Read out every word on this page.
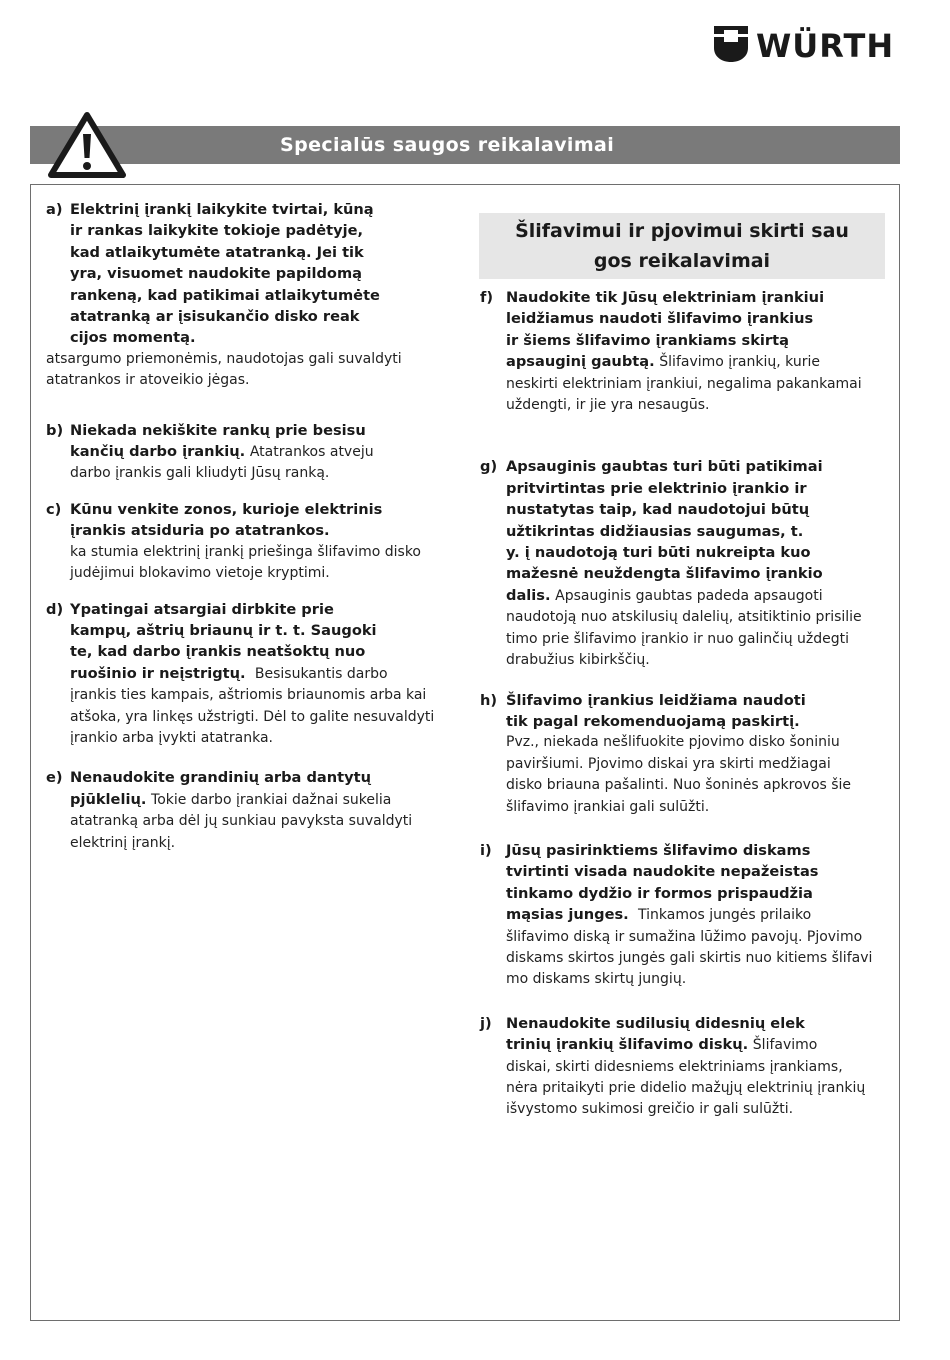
WÜRTH
Specialūs saugos reikalavimai
a) Elektrinį įrankį laikykite tvirtai, kūną
ir rankas laikykite tokioje padėtyje,
kad atlaikytumėte atatranką. Jei tik
yra, visuomet naudokite papildomą
rankeną, kad patikimai atlaikytumėte
atatranką ar įsisukančio disko reak
cijos momentą.
atsargumo priemonėmis, naudotojas gali suvaldyti
atatrankos ir atoveikio jėgas.
b) Niekada nekiškite rankų prie besisu
kančių darbo įrankių. Atatrankos atveju
darbo įrankis gali kliudyti Jūsų ranką.
c) Kūnu venkite zonos, kurioje elektrinis
įrankis atsiduria po atatrankos.
ka stumia elektrinį įrankį priešinga šlifavimo disko
judėjimui blokavimo vietoje kryptimi.
d) Ypatingai atsargiai dirbkite prie
kampų, aštrių briaunų ir t. t. Saugoki
te, kad darbo įrankis neatšoktų nuo
ruošinio ir neįstrigtų. Besisukantis darbo
įrankis ties kampais, aštriomis briaunomis arba kai
atšoka, yra linkęs užstrigti. Dėl to galite nesuvaldyti
įrankio arba įvykti atatranka.
e) Nenaudokite grandinių arba dantytų
pjūklelių. Tokie darbo įrankiai dažnai sukelia
atatranką arba dėl jų sunkiau pavyksta suvaldyti
elektrinį įrankį.
Šlifavimui ir pjovimui skirti sau
gos reikalavimai
f) Naudokite tik Jūsų elektriniam įrankiui
leidžiamus naudoti šlifavimo įrankius
ir šiems šlifavimo įrankiams skirtą
apsauginį gaubtą. Šlifavimo įrankių, kurie
neskirti elektriniam įrankiui, negalima pakankamai
uždengti, ir jie yra nesaugūs.
g) Apsauginis gaubtas turi būti patikimai
pritvirtintas prie elektrinio įrankio ir
nustatytas taip, kad naudotojui būtų
užtikrintas didžiausias saugumas, t.
y. į naudotoją turi būti nukreipta kuo
mažesnė neuždengta šlifavimo įrankio
dalis. Apsauginis gaubtas padeda apsaugoti
naudotoją nuo atskilusių dalelių, atsitiktinio prisilie
timo prie šlifavimo įrankio ir nuo galinčių uždegti
drabužius kibirkščių.
h) Šlifavimo įrankius leidžiama naudoti
tik pagal rekomenduojamą paskirtį.
Pvz., niekada nešlifuokite pjovimo disko šoniniu
paviršiumi. Pjovimo diskai yra skirti medžiagai
disko briauna pašalinti. Nuo šoninės apkrovos šie
šlifavimo įrankiai gali sulūžti.
i) Jūsų pasirinktiems šlifavimo diskams
tvirtinti visada naudokite nepažeistas
tinkamo dydžio ir formos prispaudžia
mąsias junges. Tinkamos jungės prilaiko
šlifavimo diską ir sumažina lūžimo pavojų. Pjovimo
diskams skirtos jungės gali skirtis nuo kitiems šlifavi
mo diskams skirtų jungių.
j) Nenaudokite sudilusių didesnių elek
trinių įrankių šlifavimo diskų. Šlifavimo
diskai, skirti didesniems elektriniams įrankiams,
nėra pritaikyti prie didelio mažųjų elektrinių įrankių
išvystomo sukimosi greičio ir gali sulūžti.
